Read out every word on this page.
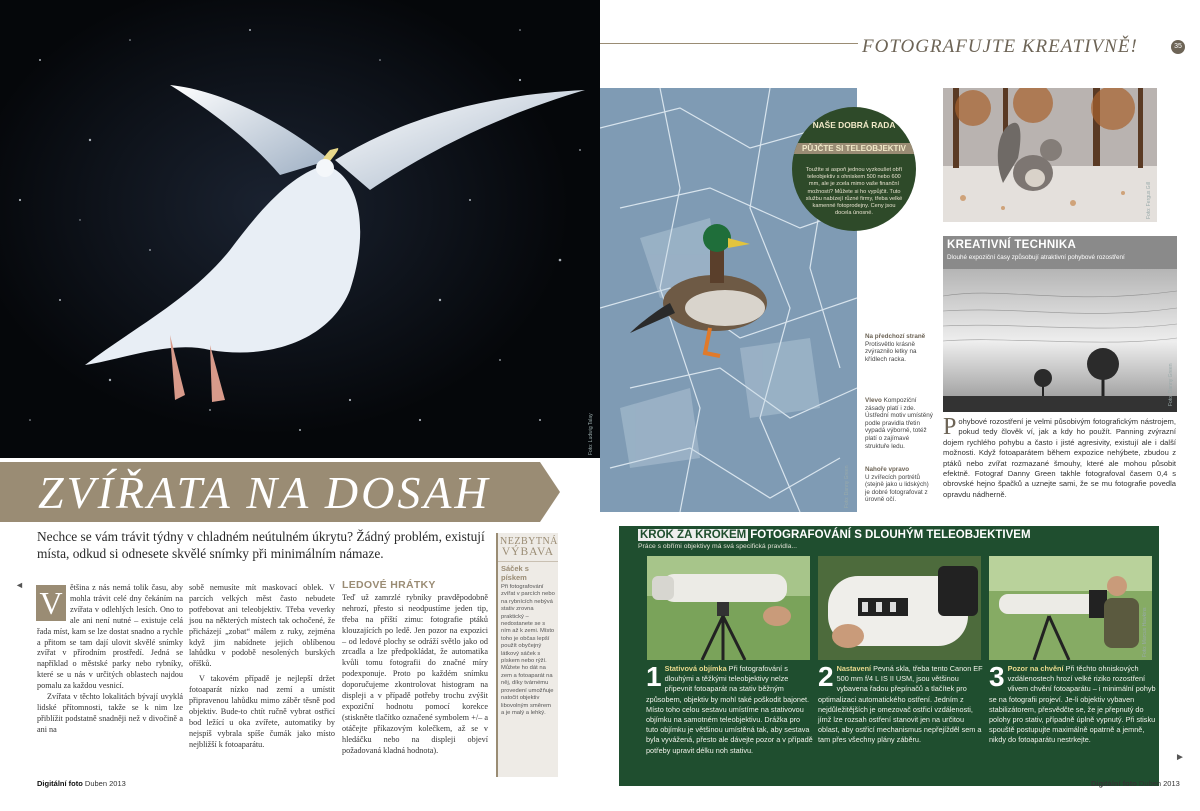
Foto: Ludwig Talay
ZVÍŘATA NA DOSAH
Nechce se vám trávit týdny v chladném neútulném úkrytu? Žádný problém, existují místa, odkud si odnesete skvělé snímky při minimálním námaze.
◄ V ětšina z nás nemá tolik času, aby mohla trávit celé dny čekáním na zvířata v odlehlých lesích. Ono to ale ani není nutné – existuje celá řada míst, kam se lze dostat snadno a rychle a přitom se tam dají ulovit skvělé snímky zvířat v přírodním prostředí. Jedná se například o městské parky nebo rybníky, které se u nás v určitých oblastech najdou pomalu za každou vesnicí.
Zvířata v těchto lokalitách bývají uvyklá lidské přítomnosti, takže se k nim lze přiblížit podstatně snadněji než v divočině a ani na
sobě nemusíte mít maskovací oblek. V parcích velkých měst často nebudete potřebovat ani teleobjektiv. Třeba veverky jsou na některých místech tak ochočené, že přicházejí „zobat“ málem z ruky, zejména když jim nabídnete jejich oblíbenou lahůdku v podobě nesolených burských oříšků.
V takovém případě je nejlepší držet fotoaparát nízko nad zemí a umístit připravenou lahůdku mimo záběr těsně pod objektiv. Bude-to chtít ručně vybrat ostřicí bod ležící u oka zvířete, automatiky by nejspíš vybrala spíše čumák jako místo nejbližší k fotoaparátu.
LEDOVÉ HRÁTKY
Teď už zamrzlé rybníky pravděpodobně nehrozí, přesto si neodpustíme jeden tip, třeba na příští zimu: fotografie ptáků klouzajících po ledě. Jen pozor na expozici – od ledové plochy se odráží světlo jako od zrcadla a lze předpokládat, že automatika kvůli tomu fotografii do značné míry podexponuje. Proto po každém snímku doporučujeme zkontrolovat histogram na displeji a v případě potřeby trochu zvýšit expoziční hodnotu pomocí korekce (stiskněte tlačítko označené symbolem +/– a otáčejte příkazovým kolečkem, až se v hledáčku nebo na displeji objeví požadovaná kladná hodnota).
NEZBYTNÁ
VÝBAVA
Sáček s pískem
Při fotografování zvířat v parcích nebo na rybnících nebývá stativ zrovna praktický – nedostanete se s ním až k zemi. Místo toho je občas lepší použít obyčejný látkový sáček s pískem nebo rýží. Můžete ho dát na zem a fotoaparát na něj, díky tvárnému provedení umožňuje natočit objektiv libovolným směrem a je malý a lehký.
Digitální foto Duben 2013
FOTOGRAFUJTE KREATIVNĚ!	35
Foto: Danny Green
Na předchozí straně
Protisvětlo krásně zvýraznilo letky na křídlech racka.
Vlevo Kompoziční zásady platí i zde. Ústřední motiv umístěný podle pravidla třetin vypadá výborně, totéž platí o zajímavé struktuře ledu.
Nahoře vpravo
U zvířecích portrétů (stejně jako u lidských) je dobré fotografovat z úrovně očí.
NAŠE DOBRÁ RADA
PŮJČTE SI TELEOBJEKTIV
Toužíte si aspoň jednou vyzkoušet obří teleobjektiv s ohniskem 500 nebo 600 mm, ale je zcela mimo vaše finanční možnosti? Můžete si ho vypůjčit. Tuto službu nabízejí různé firmy, třeba velké kamenné fotoprodejny. Ceny jsou docela únosné.	Foto: Fergus Gill
KREATIVNÍ TECHNIKA
Dlouhé expoziční časy způsobují atraktivní pohybové rozostření
Foto: Danny Green
P ohybové rozostření je velmi působivým fotografickým nástrojem, pokud tedy člověk ví, jak a kdy ho použít. Panning zvýrazní dojem rychlého pohybu a často i jisté agresivity, existují ale i další možnosti. Když fotoaparátem během expozice nehýbete, zbudou z ptáků nebo zvířat rozmazané šmouhy, které ale mohou působit efektně. Fotograf Danny Green takhle fotografoval časem 0,4 s obrovské hejno špačků a uznejte sami, že se mu fotografie povedla opravdu nádherně.
KROK ZA KROKEM FOTOGRAFOVÁNÍ S DLOUHÝM TELEOBJEKTIVEM
Práce s obřími objektivy má svá specifická pravidla...
Foto: Marcus Hawkins
1 Stativová objímka Při fotografování s dlouhými a těžkými teleobjektivy nelze připevnit fotoaparát na stativ běžným způsobem, objektiv by mohl také poškodit bajonet. Místo toho celou sestavu umístíme na stativovou objímku na samotném teleobjektivu. Drážka pro tuto objímku je většinou umístěná tak, aby sestava byla vyvážená, přesto ale dávejte pozor a v případě potřeby upravit délku noh stativu.
2 Nastavení Pevná skla, třeba tento Canon EF 500 mm f/4 L IS II USM, jsou většinou vybavena řadou přepínačů a tlačítek pro optimalizaci automatického ostření. Jedním z nejdůležitějších je omezovač ostřicí vzdálenosti, jímž lze rozsah ostření stanovit jen na určitou oblast, aby ostřicí mechanismus nepřejížděl sem a tam přes všechny plány záběru.
3 Pozor na chvění Při těchto ohniskových vzdálenostech hrozí velké riziko rozostření vlivem chvění fotoaparátu – i minimální pohyb se na fotografii projeví. Je-li objektiv vybaven stabilizátorem, přesvědčte se, že je přepnutý do polohy pro stativ, případně úplně vypnutý. Při stisku spouště postupujte maximálně opatrně a jemně, nikdy do fotoaparátu nestrkejte.
►
Digitální foto Duben 2013
